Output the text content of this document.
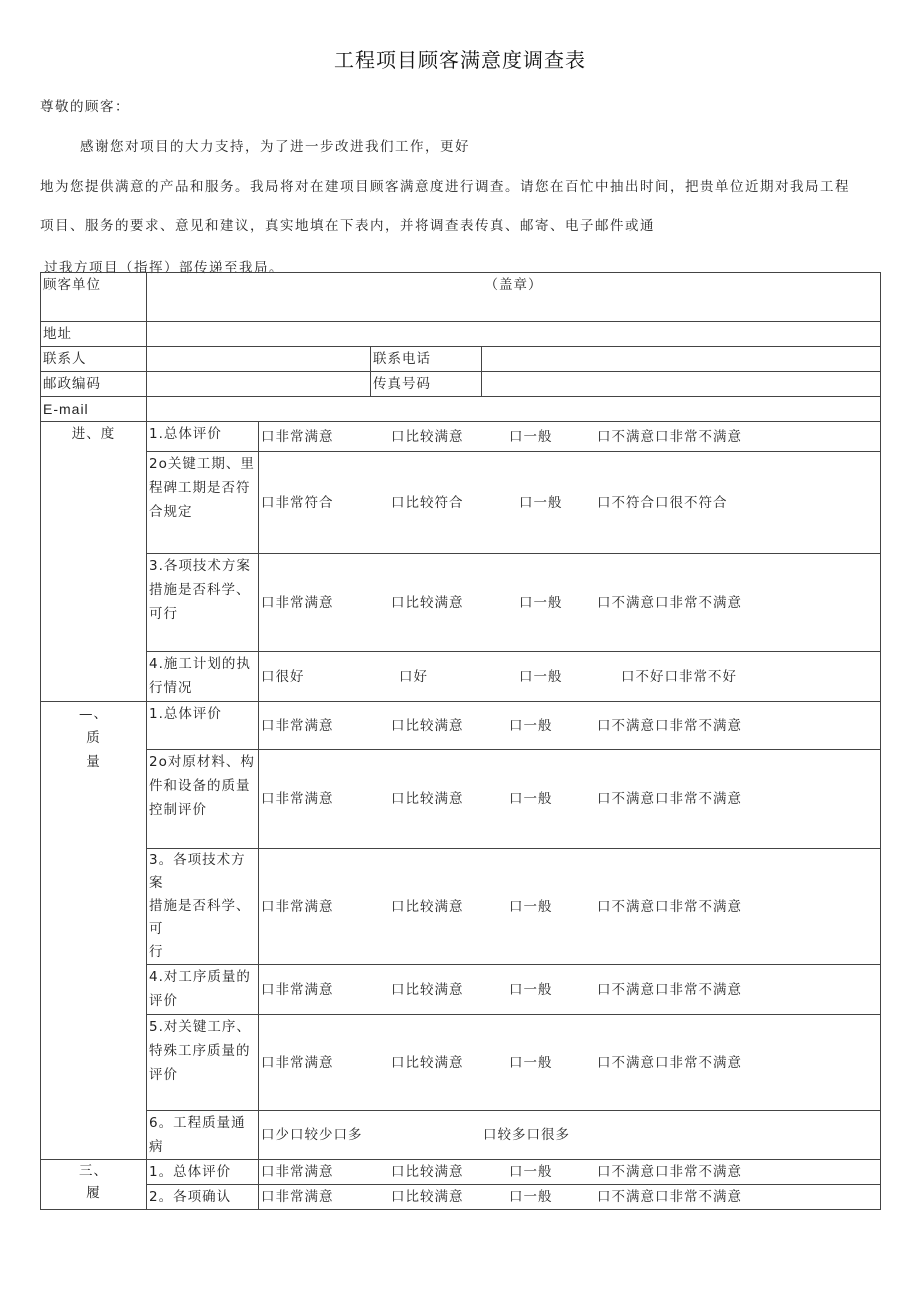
工程项目顾客满意度调查表
尊敬的顾客：
感谢您对项目的大力支持，为了进一步改进我们工作，更好
地为您提供满意的产品和服务。我局将对在建项目顾客满意度进行调查。请您在百忙中抽出时间，把贵单位近期对我局工程
项目、服务的要求、意见和建议，真实地填在下表内，并将调查表传真、邮寄、电子邮件或通
过我方项目（指挥）部传递至我局。
顾客单位	（盖章）			
地址				
联系人			联系电话	
邮政编码			传真号码	
E-mail				
进、度	1.总体评价	口非常满意 口比较满意 口一般 口不满意口非常不满意		

	2o关键工期、里
程碑工期是否符
合规定	口非常符合 口比较符合 口一般 口不符合口很不符合		

	3.各项技术方案
措施是否科学、
可行	口非常满意 口比较满意 口一般 口不满意口非常不满意		

	4.施工计划的执
行情况	口很好 口好 口一般 口不好口非常不好		

—、
质
量	1.总体评价	口非常满意 口比较满意 口一般 口不满意口非常不满意		

	2o对原材料、构
件和设备的质量
控制评价	口非常满意 口比较满意 口一般 口不满意口非常不满意		

	3。各项技术方案
措施是否科学、
可
行	口非常满意 口比较满意 口一般 口不满意口非常不满意		

	4.对工序质量的
评价	口非常满意 口比较满意 口一般 口不满意口非常不满意		

	5.对关键工序、
特殊工序质量的
评价	口非常满意 口比较满意 口一般 口不满意口非常不满意		

	6。工程质量通病	口少口较少口多 口较多口很多		

三、
履	1。总体评价	口非常满意 口比较满意 口一般 口不满意口非常不满意		

	2。各项确认	口非常满意 口比较满意 口一般 口不满意口非常不满意		
